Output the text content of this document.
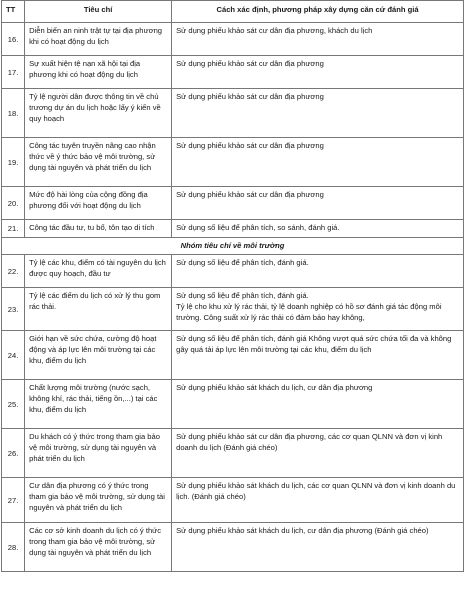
TT	Tiêu chí	Cách xác định, phương pháp xây dựng căn cứ đánh giá
16.	Diễn biến an ninh trật tự tại địa phương khi có hoạt động du lịch	Sử dụng phiếu khảo sát cư dân địa phương, khách du lịch
17.	Sự xuất hiện tệ nạn xã hội tại địa phương khi có hoạt động du lịch	Sử dụng phiếu khảo sát cư dân địa phương
18.	Tỷ lệ người dân được thông tin về chủ trương dự án du lịch hoặc lấy ý kiến về quy hoạch	Sử dụng phiếu khảo sát cư dân địa phương
19.	Công tác tuyên truyền nâng cao nhận thức về ý thức bảo vệ môi trường, sử dụng tài nguyên và phát triển du lịch	Sử dụng phiếu khảo sát cư dân địa phương
20.	Mức độ hài lòng của cộng đồng địa phương đối với hoạt động du lịch	Sử dụng phiếu khảo sát cư dân địa phương
21.	Công tác đầu tư, tu bổ, tôn tạo di tích	Sử dụng số liệu để phân tích, so sánh, đánh giá.
Nhóm tiêu chí về môi trường		
22.	Tỷ lệ các khu, điểm có tài nguyên du lịch được quy hoạch, đầu tư	Sử dụng số liệu để phân tích, đánh giá.
23.	Tỷ lệ các điểm du lịch có xử lý thu gom rác thải.	Sử dụng số liệu để phân tích, đánh giá.
Tỷ lệ cho khu xử lý rác thải, tỷ lệ doanh nghiệp có hồ sơ đánh giá tác động môi trường. Công suất xử lý rác thải có đảm bảo hay không,
24.	Giới hạn về sức chứa, cường độ hoạt động và áp lực lên môi trường tại các khu, điểm du lịch	Sử dụng số liệu để phân tích, đánh giá Không vượt quá sức chứa tối đa và không gây quá tải áp lực lên môi trường tại các khu, điểm du lịch
25.	Chất lượng môi trường (nước sạch, không khí, rác thải, tiếng ồn,...) tại các khu, điểm du lịch	Sử dụng phiếu khảo sát khách du lịch, cư dân địa phương
26.	Du khách có ý thức trong tham gia bảo vệ môi trường, sử dụng tài nguyên và phát triển du lịch	Sử dụng phiếu khảo sát cư dân địa phương, các cơ quan QLNN và đơn vị kinh doanh du lịch (Đánh giá chéo)
27.	Cư dân địa phương có ý thức trong tham gia bảo vệ môi trường, sử dụng tài nguyên và phát triển du lịch	Sử dụng phiếu khảo sát khách du lịch, các cơ quan QLNN và đơn vị kinh doanh du lịch. (Đánh giá chéo)
28.	Các cơ sở kinh doanh du lịch có ý thức trong tham gia bảo vệ môi trường, sử dụng tài nguyên và phát triển du lịch	Sử dụng phiếu khảo sát khách du lịch, cư dân địa phương (Đánh giá chéo)
